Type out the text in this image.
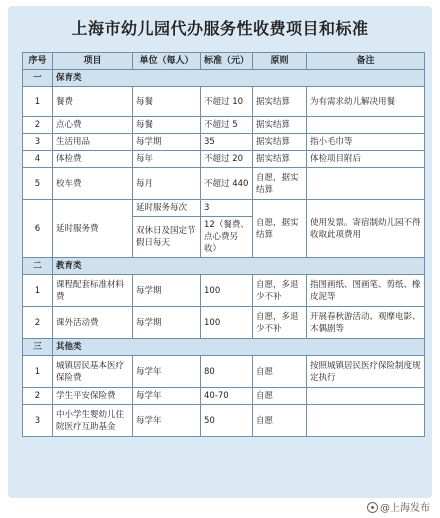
上海市幼儿园代办服务性收费项目和标准
序号	项目	单位（每人）	标准（元）	原则	备注
一	保育类				
1	餐费	每餐	不超过 10	据实结算	为有需求幼儿解决用餐
2	点心费	每餐	不超过 5	据实结算	
3	生活用品	每学期	35	据实结算	指小毛巾等
4	体检费	每年	不超过 20	据实结算	体检项目附后
5	校车费	每月	不超过 440	自愿，据实结算	
6	延时服务费	延时服务每次	3	自愿，据实结算	使用发票。寄宿制幼儿园不得收取此项费用
		双休日及国定节假日每天	12（餐费、点心费另收）		
二	教育类				
1	课程配套标准材料费	每学期	100	自愿，多退少不补	指图画纸、图画笔、剪纸、橡皮泥等
2	课外活动费	每学期	100	自愿，多退少不补	开展春秋游活动、观摩电影、木偶剧等
三	其他类				
1	城镇居民基本医疗保险费	每学年	80	自愿	按照城镇居民医疗保险制度规定执行
2	学生平安保险费	每学年	40-70	自愿	
3	中小学生婴幼儿住院医疗互助基金	每学年	50	自愿	
@上海发布
